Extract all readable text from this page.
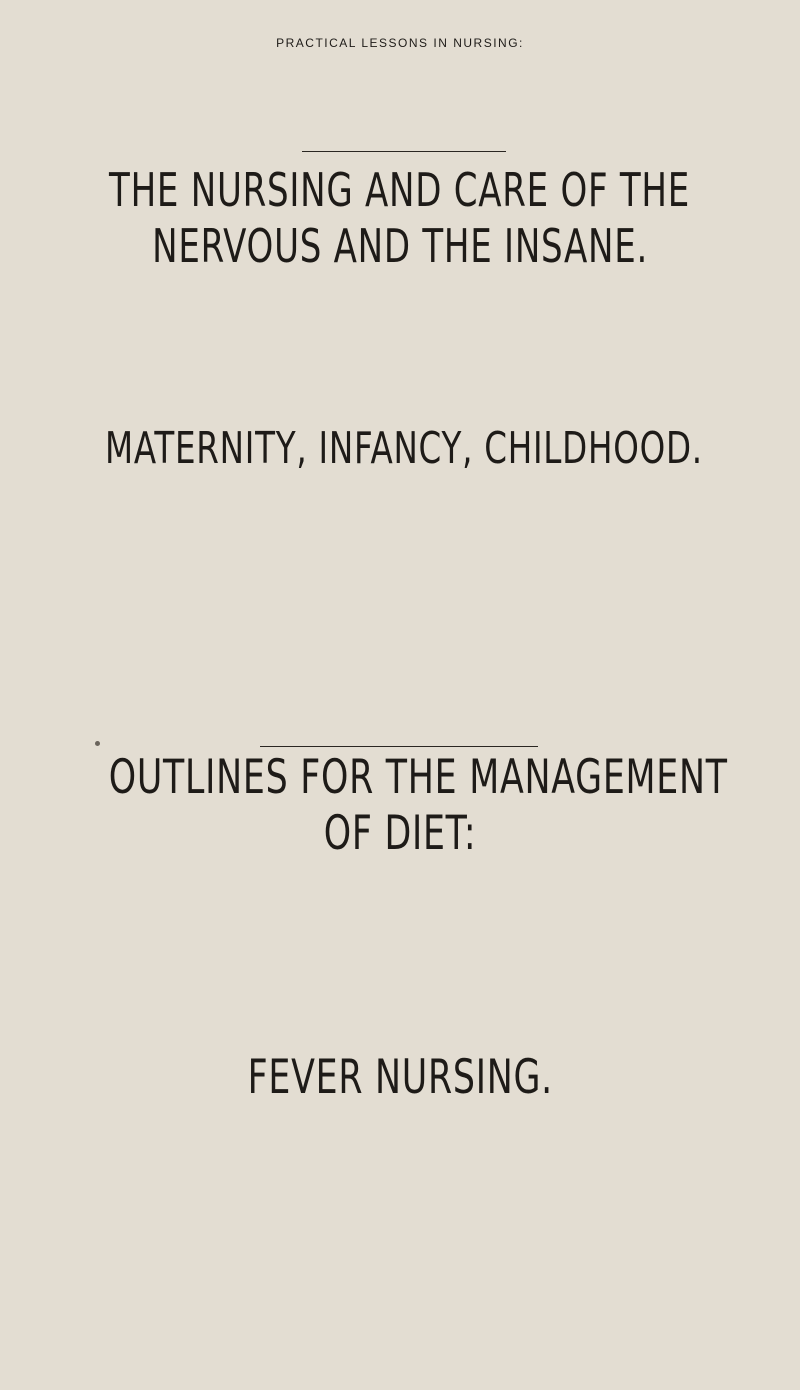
PRACTICAL LESSONS IN NURSING:
THE NURSING AND CARE OF THE
NERVOUS AND THE INSANE.
MATERNITY, INFANCY, CHILDHOOD.
OUTLINES FOR THE MANAGEMENT
OF DIET:
FEVER NURSING.
